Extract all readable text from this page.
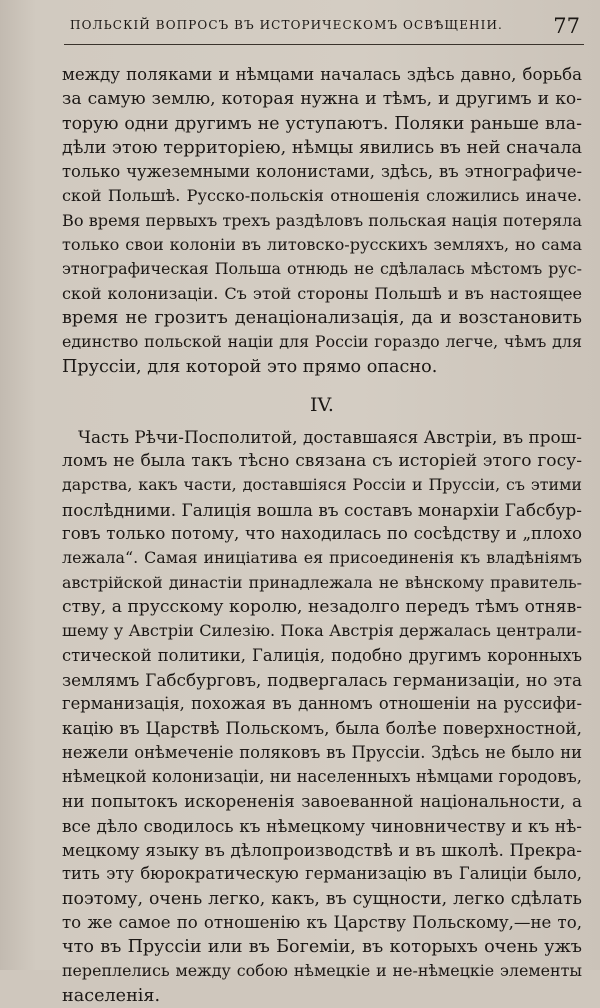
ПОЛЬСКІЙ ВОПРОСЪ ВЪ ИСТОРИЧЕСКОМЪ ОСВѢЩЕНІИ. 77
между поляками и нѣмцами началась здѣсь давно, борьба
за самую землю, которая нужна и тѣмъ, и другимъ и ко-
торую одни другимъ не уступаютъ. Поляки раньше вла-
дѣли этою территоріею, нѣмцы явились въ ней сначала
только чужеземными колонистами, здѣсь, въ этнографиче-
ской Польшѣ. Русско-польскія отношенія сложились иначе.
Во время первыхъ трехъ раздѣловъ польская нація потеряла
только свои колоніи въ литовско-русскихъ земляхъ, но сама
этнографическая Польша отнюдь не сдѣлалась мѣстомъ рус-
ской колонизаціи. Съ этой стороны Польшѣ и въ настоящее
время не грозитъ денаціонализація, да и возстановить
единство польской націи для Россіи гораздо легче, чѣмъ для
Пруссіи, для которой это прямо опасно.
IV.
Часть Рѣчи-Посполитой, доставшаяся Австріи, въ прош-
ломъ не была такъ тѣсно связана съ исторіей этого госу-
дарства, какъ части, доставшіяся Россіи и Пруссіи, съ этими
послѣдними. Галиція вошла въ составъ монархіи Габсбур-
говъ только потому, что находилась по сосѣдству и „плохо
лежала“. Самая иниціатива ея присоединенія къ владѣніямъ
австрійской династіи принадлежала не вѣнскому правитель-
ству, а прусскому королю, незадолго передъ тѣмъ отняв-
шему у Австріи Силезію. Пока Австрія держалась централи-
стической политики, Галиція, подобно другимъ коронныхъ
землямъ Габсбурговъ, подвергалась германизаціи, но эта
германизація, похожая въ данномъ отношеніи на руссифи-
кацію въ Царствѣ Польскомъ, была болѣе поверхностной,
нежели онѣмеченіе поляковъ въ Пруссіи. Здѣсь не было ни
нѣмецкой колонизаціи, ни населенныхъ нѣмцами городовъ,
ни попытокъ искорененія завоеванной національности, а
все дѣло сводилось къ нѣмецкому чиновничеству и къ нѣ-
мецкому языку въ дѣлопроизводствѣ и въ школѣ. Прекра-
тить эту бюрократическую германизацію въ Галиціи было,
поэтому, очень легко, какъ, въ сущности, легко сдѣлать
то же самое по отношенію къ Царству Польскому,—не то,
что въ Пруссіи или въ Богеміи, въ которыхъ очень ужъ
переплелись между собою нѣмецкіе и не-нѣмецкіе элементы
населенія.
